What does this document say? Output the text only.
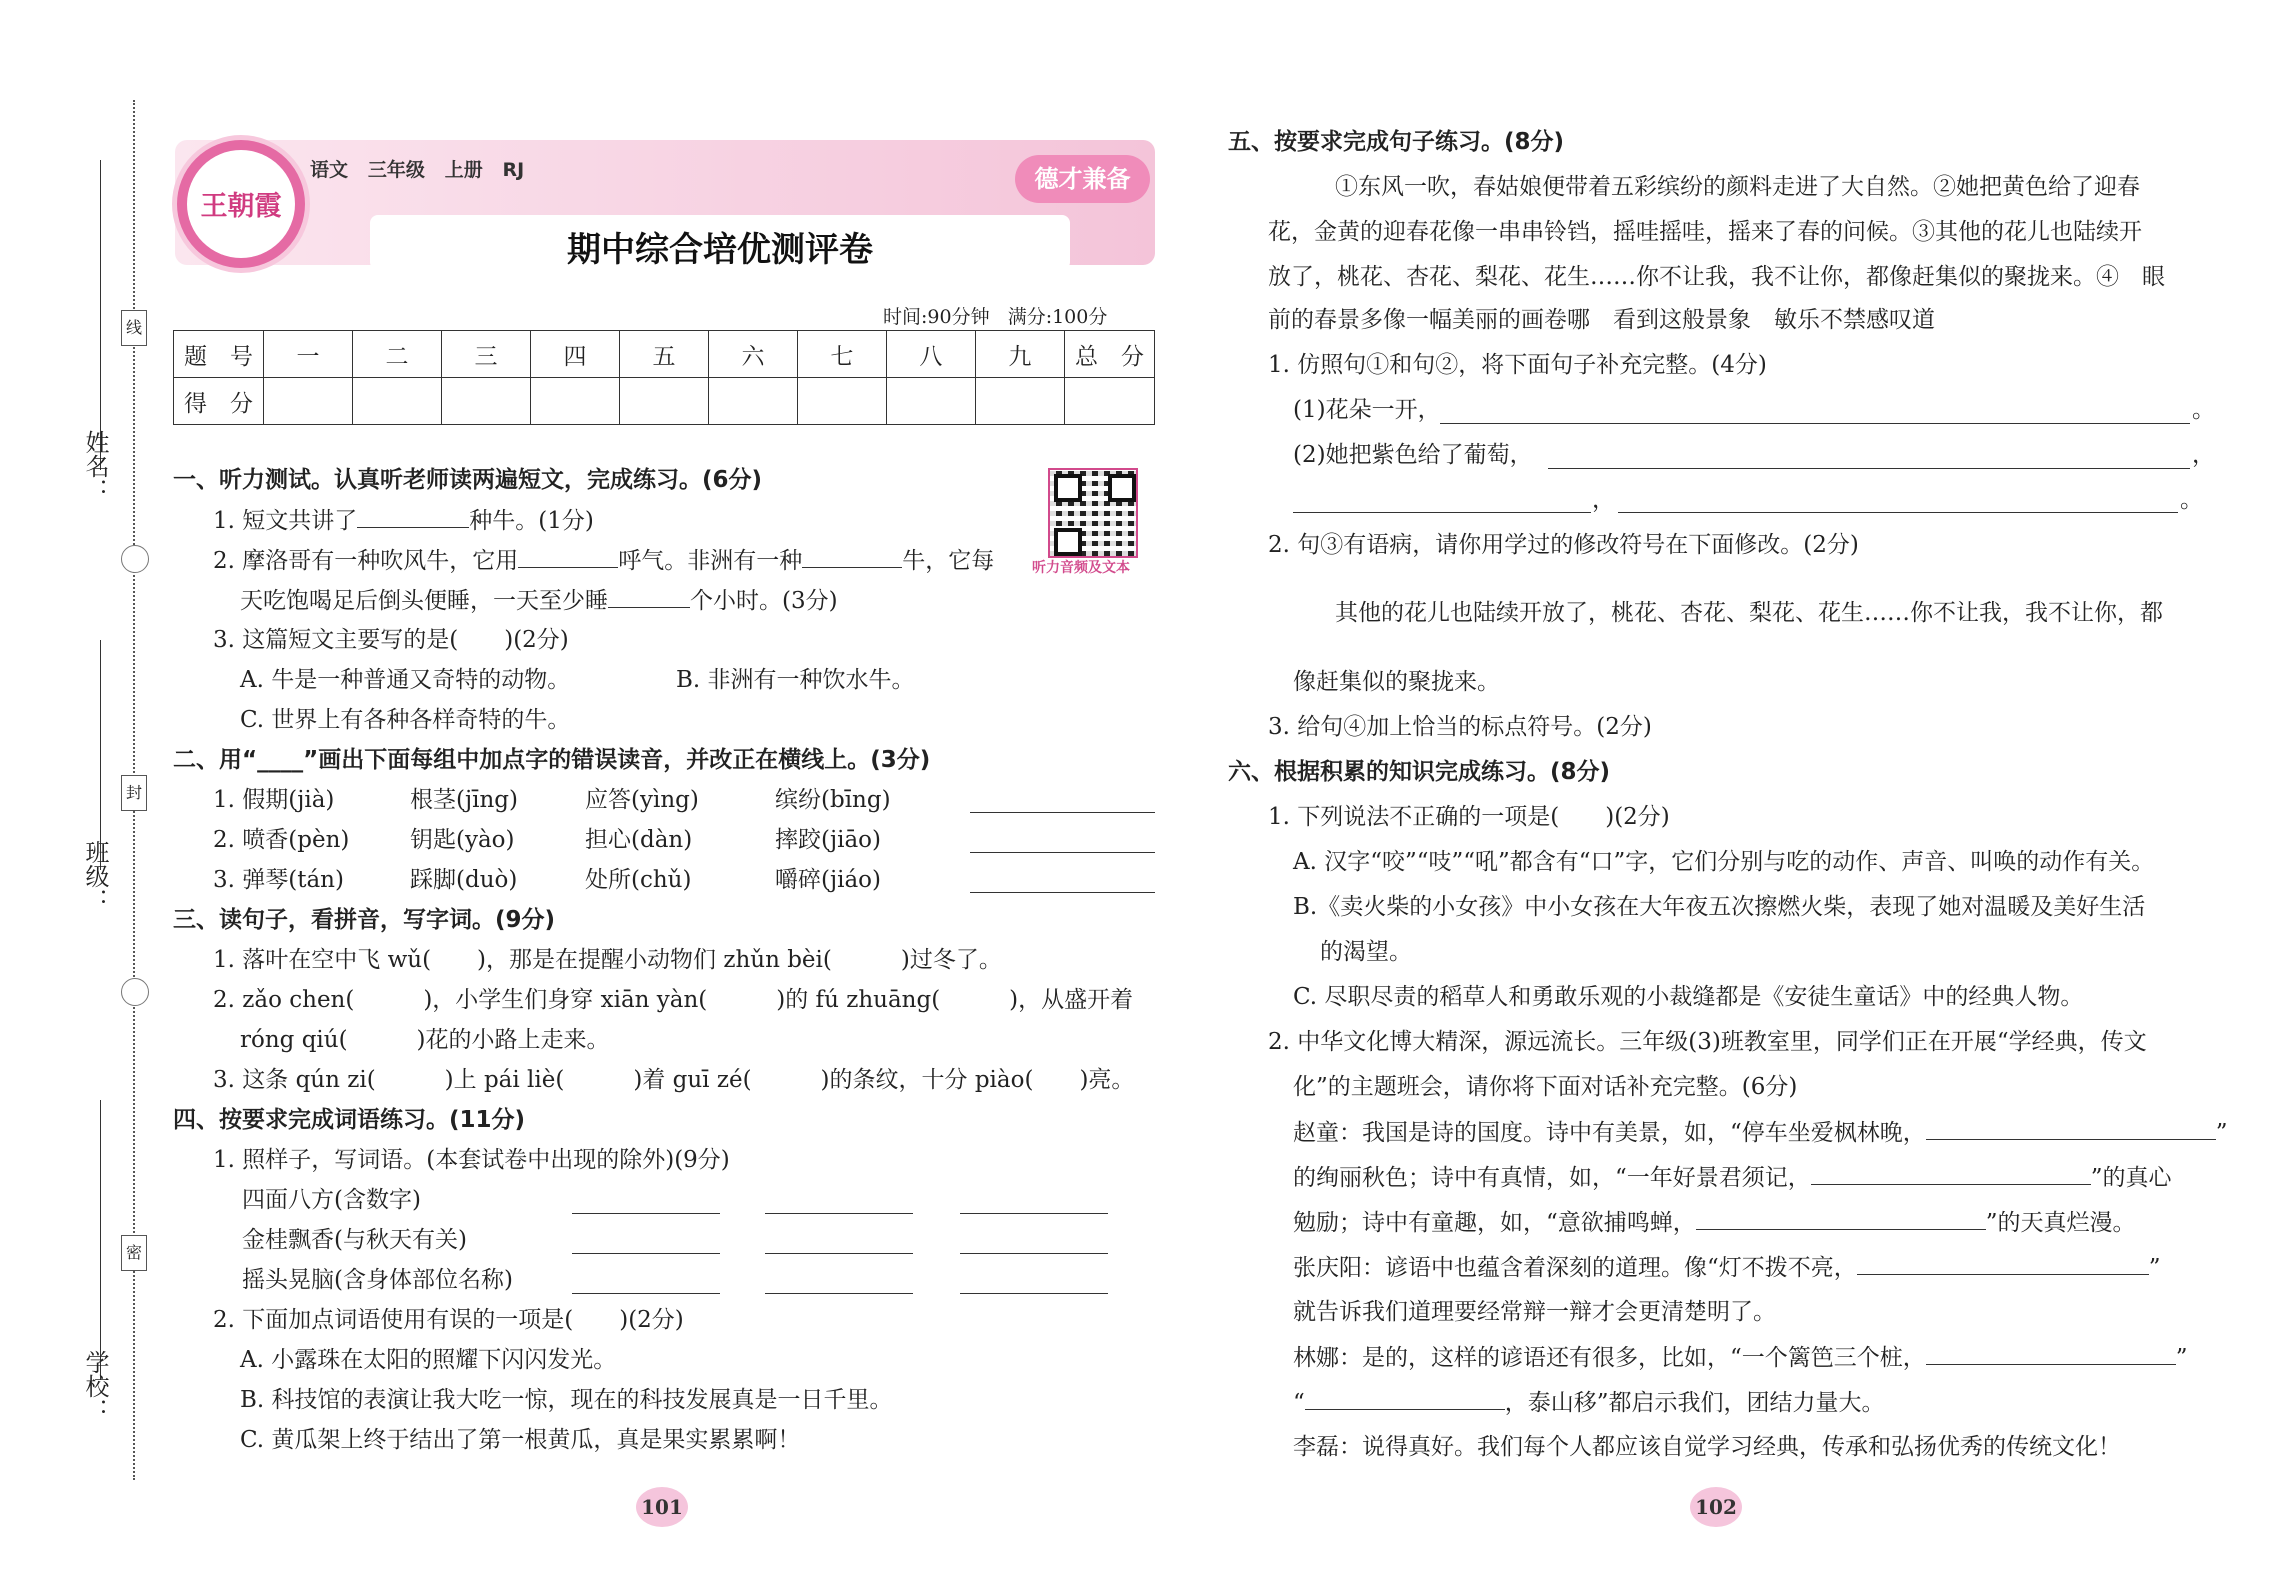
姓名：
班级：
学校：
线
封
密
王朝霞
语文   三年级   上册   RJ	德才兼备
期中综合培优测评卷
时间:90分钟   满分:100分
题　号	一	二	三	四	五	六	七	八	九	总　分
得　分										
听力音频及文本
一、听力测试。认真听老师读两遍短文，完成练习。(6分)
1. 短文共讲了	种牛。(1分)
2. 摩洛哥有一种吹风牛，它用	呼气。非洲有一种	牛，它每
天吃饱喝足后倒头便睡，一天至少睡	个小时。(3分)
3. 这篇短文主要写的是(　　)(2分)
A. 牛是一种普通又奇特的动物。	B. 非洲有一种饮水牛。
C. 世界上有各种各样奇特的牛。
二、用“____”画出下面每组中加点字的错误读音，并改正在横线上。(3分)
1. 假期(jià)	根茎(jīng)	应答(yìng)	缤纷(bīng)
2. 喷香(pèn)	钥匙(yào)	担心(dàn)	摔跤(jiāo)
3. 弹琴(tán)	踩脚(duò)	处所(chǔ)	嚼碎(jiáo)
三、读句子，看拼音，写字词。(9分)
1. 落叶在空中飞 wǔ(　　)，那是在提醒小动物们 zhǔn bèi(　　　)过冬了。
2. zǎo chen(　　　)，小学生们身穿 xiān yàn(　　　)的 fú zhuāng(　　　)，从盛开着
róng qiú(　　　)花的小路上走来。
3. 这条 qún zi(　　　)上 pái liè(　　　)着 guī zé(　　　)的条纹，十分 piào(　　)亮。
四、按要求完成词语练习。(11分)
1. 照样子，写词语。(本套试卷中出现的除外)(9分)
四面八方(含数字)
金桂飘香(与秋天有关)
摇头晃脑(含身体部位名称)
2. 下面加点词语使用有误的一项是(　　)(2分)
A. 小露珠在太阳的照耀下闪闪发光。
B. 科技馆的表演让我大吃一惊，现在的科技发展真是一日千里。
C. 黄瓜架上终于结出了第一根黄瓜，真是果实累累啊！
101
五、按要求完成句子练习。(8分)
①东风一吹，春姑娘便带着五彩缤纷的颜料走进了大自然。②她把黄色给了迎春
花，金黄的迎春花像一串串铃铛，摇哇摇哇，摇来了春的问候。③其他的花儿也陆续开
放了，桃花、杏花、梨花、花生……你不让我，我不让你，都像赶集似的聚拢来。④　眼
前的春景多像一幅美丽的画卷哪　看到这般景象　敏乐不禁感叹道
1. 仿照句①和句②，将下面句子补充完整。(4分)
(1)花朵一开，	。
(2)她把紫色给了葡萄，	，
，	。
2. 句③有语病，请你用学过的修改符号在下面修改。(2分)
其他的花儿也陆续开放了，桃花、杏花、梨花、花生……你不让我，我不让你，都
像赶集似的聚拢来。
3. 给句④加上恰当的标点符号。(2分)
六、根据积累的知识完成练习。(8分)
1. 下列说法不正确的一项是(　　)(2分)
A. 汉字“咬”“吱”“吼”都含有“口”字，它们分别与吃的动作、声音、叫唤的动作有关。
B.《卖火柴的小女孩》中小女孩在大年夜五次擦燃火柴，表现了她对温暖及美好生活
的渴望。
C. 尽职尽责的稻草人和勇敢乐观的小裁缝都是《安徒生童话》中的经典人物。
2. 中华文化博大精深，源远流长。三年级(3)班教室里，同学们正在开展“学经典，传文
化”的主题班会，请你将下面对话补充完整。(6分)
赵童：我国是诗的国度。诗中有美景，如，“停车坐爱枫林晚，	”
的绚丽秋色；诗中有真情，如，“一年好景君须记，	”的真心
勉励；诗中有童趣，如，“意欲捕鸣蝉，	”的天真烂漫。
张庆阳：谚语中也蕴含着深刻的道理。像“灯不拨不亮，	”
就告诉我们道理要经常辩一辩才会更清楚明了。
林娜：是的，这样的谚语还有很多，比如，“一个篱笆三个桩，	”
“	，泰山移”都启示我们，团结力量大。
李磊：说得真好。我们每个人都应该自觉学习经典，传承和弘扬优秀的传统文化！
102
